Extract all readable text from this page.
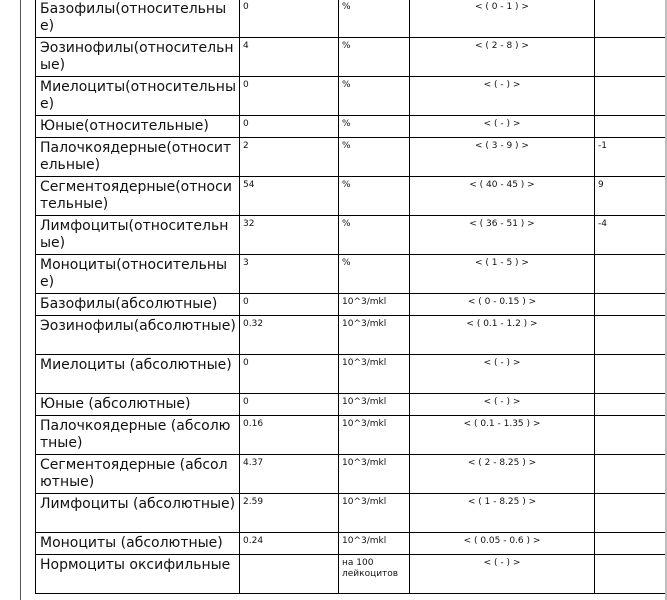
Базофилы(относительные)	0	%	< ( 0 - 1 ) >	
Эозинофилы(относительные)	4	%	< ( 2 - 8 ) >	
Миелоциты(относительные)	0	%	< ( - ) >	
Юные(относительные)	0	%	< ( - ) >	
Палочкоядерные(относительные)	2	%	< ( 3 - 9 ) >	-1
Сегментоядерные(относительные)	54	%	< ( 40 - 45 ) >	9
Лимфоциты(относительные)	32	%	< ( 36 - 51 ) >	-4
Моноциты(относительные)	3	%	< ( 1 - 5 ) >	
Базофилы(абсолютные)	0	10^3/mkl	< ( 0 - 0.15 ) >	
Эозинофилы(абсолютные)	0.32	10^3/mkl	< ( 0.1 - 1.2 ) >	
Миелоциты (абсолютные)	0	10^3/mkl	< ( - ) >	
Юные (абсолютные)	0	10^3/mkl	< ( - ) >	
Палочкоядерные (абсолютные)	0.16	10^3/mkl	< ( 0.1 - 1.35 ) >	
Сегментоядерные (абсолютные)	4.37	10^3/mkl	< ( 2 - 8.25 ) >	
Лимфоциты (абсолютные)	2.59	10^3/mkl	< ( 1 - 8.25 ) >	
Моноциты (абсолютные)	0.24	10^3/mkl	< ( 0.05 - 0.6 ) >	
Нормоциты оксифильные		на 100 лейкоцитов	< ( - ) >	
